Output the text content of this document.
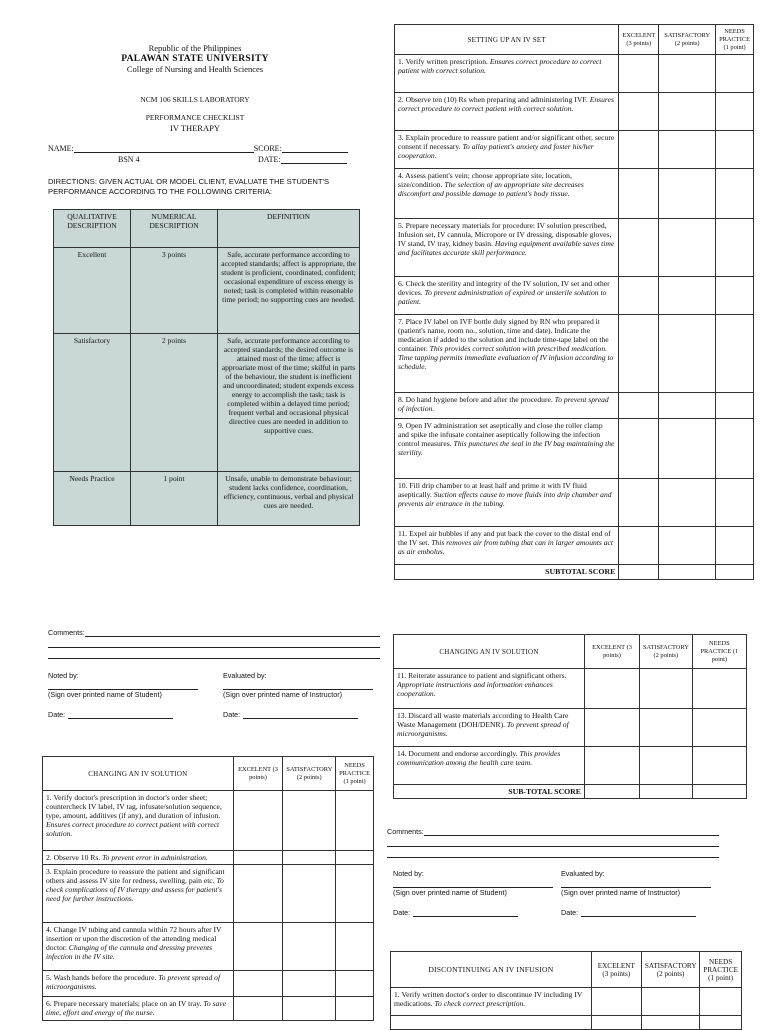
Republic of the Philippines
PALAWAN STATE UNIVERSITY
College of Nursing and Health Sciences
NCM 106 SKILLS LABORATORY
PERFORMANCE CHECKLIST
IV THERAPY
NAME:	SCORE:
BSN 4	DATE:
DIRECTIONS: GIVEN ACTUAL OR MODEL CLIENT, EVALUATE THE STUDENT'S PERFORMANCE ACCORDING TO THE FOLLOWING CRITERIA:
QUALITATIVE DESCRIPTION	NUMERICAL DESCRIPTION	DEFINITION
Excellent	3 points	Safe, accurate performance according to accepted standards; affect is appropriate, the student is proficient, coordinated, confident; occasional expenditure of excess energy is noted; task is completed within reasonable time period; no supporting cues are needed.
Satisfactory	2 points	Safe, accurate performance according to accepted standards; the desired outcome is attained most of the time; affect is approariate most of the time; skilful in parts of the behaviour, the student is inefficient and uncoordinated; student expends excess energy to accomplish the task; task is completed within a delayed time period; frequent verbal and occasional physical directive cues are needed in addition to supportive cues.
Needs Practice	1 point	Unsafe, unable to demonstrate behaviour; student lacks confidence, coordination, efficiency, continuous, verbal and physical cues are needed.
SETTING UP AN IV SET	EXCELENT (3 points)	SATISFACTORY (2 points)	NEEDS PRACTICE (1 point)
1. Verify written prescription. Ensures correct procedure to correct patient with correct solution.			
2. Observe ten (10) Rs when preparing and administering IVF. Ensures correct procedure to correct patient with correct solution.			
3. Explain procedure to reassure patient and/or significant other, secure consent if necessary. To allay patient's anxiety and foster his/her cooperation.			
4. Assess patient's vein; choose appropriate site, location, size/condition. The selection of an appropriate site decreases discomfort and possible damage to patient's body tissue.			
5. Prepare necessary materials for procedure: IV solution prescribed, Infusion set, IV cannula, Micropore or IV dressing, disposable gloves, IV stand, IV tray, kidney basin. Having equipment available saves time and facilitates accurate skill performance.			
6. Check the sterility and integrity of the IV solution, IV set and other devices. To prevent administration of expired or unsterile solution to patient.			
7. Place IV label on IVF bottle duly signed by RN who prepared it (patient's name, room no., solution, time and date). Indicate the medication if added to the solution and include time-tape label on the container. This provides correct solution with prescribed medication. Time tapping permits immediate evaluation of IV infusion according to schedule.			
8. Do hand hygiene before and after the procedure. To prevent spread of infection.			
9. Open IV administration set aseptically and close the roller clamp and spike the infusate container aseptically following the infection control measures. This punctures the seal in the IV bag maintaining the sterility.			
10. Fill drip chamber to at least half and prime it with IV fluid aseptically. Suction effects cause to move fluids into drip chamber and prevents air entrance in the tubing.			
11. Expel air bubbles if any and put back the cover to the distal end of the IV set. This removes air from tubing that can in larger amounts act as air embolus.			
SUBTOTAL SCORE			
Comments:
Noted by:
(Sign over printed name of Student)
Date:
Evaluated by:
(Sign over printed name of Instructor)
Date:
CHANGING AN IV SOLUTION	EXCELENT (3 points)	SATISFACTORY (2 points)	NEEDS PRACTICE (1 point)
11. Reiterate assurance to patient and significant others. Appropriate instructions and information enhances cooperation.			
13. Discard all waste materials according to Health Care Waste Management (DOH/DENR). To prevent spread of microorganisms.			
14. Document and endorse accordingly. This provides communication among the health care team.			
SUB-TOTAL SCORE			
Comments:
Noted by:
(Sign over printed name of Student)
Date:
Evaluated by:
(Sign over printed name of Instructor)
Date:
CHANGING AN IV SOLUTION	EXCELENT (3 points)	SATISFACTORY (2 points)	NEEDS PRACTICE (1 point)
1. Verify doctor's prescription in doctor's order sheet; countercheck IV label, IV tag, infusate/solution sequence, type, amount, additives (if any), and duration of infusion. Ensures correct procedure to correct patient with correct solution.			
2. Observe 10 Rs. To prevent error in administration.			
3. Explain procedure to reassure the patient and significant others and assess IV site for redness, swelling, pain etc. To check complications of IV therapy and assess for patient's need for further instructions.			
4. Change IV tubing and cannula within 72 hours after IV insertion or upon the discretion of the attending medical doctor. Changing of the cannula and dressing prevents infection in the IV site.			
5. Wash hands before the procedure. To prevent spread of microorganisms.			
6. Prepare necessary materials; place on an IV tray. To save time, effort and energy of the nurse.			
DISCONTINUING AN IV INFUSION	EXCELENT (3 points)	SATISFACTORY (2 points)	NEEDS PRACTICE (1 point)
1. Verify written doctor's order to discontinue IV including IV medications. To check correct prescription.			
